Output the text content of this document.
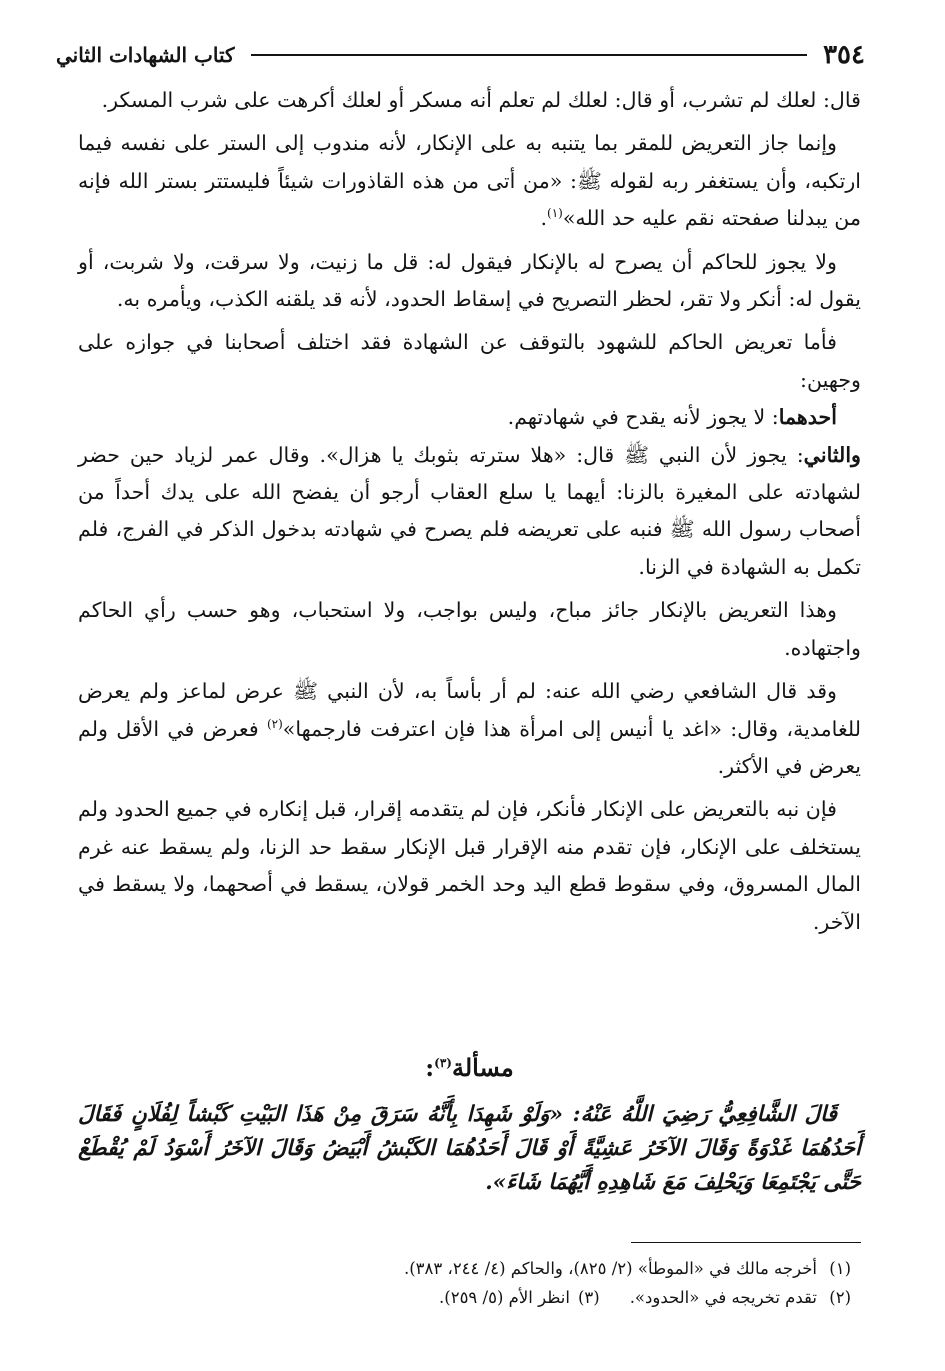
٣٥٤
كتاب الشهادات الثاني

قال: لعلك لم تشرب، أو قال: لعلك لم تعلم أنه مسكر أو لعلك أكرهت على شرب المسكر.

وإنما جاز التعريض للمقر بما يتنبه به على الإنكار، لأنه مندوب إلى الستر على نفسه فيما ارتكبه، وأن يستغفر ربه لقوله ﷺ: «من أتى من هذه القاذورات شيئاً فليستتر بستر الله فإنه من يبدلنا صفحته نقم عليه حد الله»$^{(١)}$.

ولا يجوز للحاكم أن يصرح له بالإنكار فيقول له: قل ما زنيت، ولا سرقت، ولا شربت، أو يقول له: أنكر ولا تقر، لحظر التصريح في إسقاط الحدود، لأنه قد يلقنه الكذب، ويأمره به.

فأما تعريض الحاكم للشهود بالتوقف عن الشهادة فقد اختلف أصحابنا في جوازه على وجهين:

أحدهما: لا يجوز لأنه يقدح في شهادتهم.

والثاني: يجوز لأن النبي ﷺ قال: «هلا سترته بثوبك يا هزال». وقال عمر لزياد حين حضر لشهادته على المغيرة بالزنا: أيهما يا سلع العقاب أرجو أن يفضح الله على يدك أحداً من أصحاب رسول الله ﷺ فنبه على تعريضه فلم يصرح في شهادته بدخول الذكر في الفرج، فلم تكمل به الشهادة في الزنا.

وهذا التعريض بالإنكار جائز مباح، وليس بواجب، ولا استحباب، وهو حسب رأي الحاكم واجتهاده.

وقد قال الشافعي رضي الله عنه: لم أر بأساً به، لأن النبي ﷺ عرض لماعز ولم يعرض للغامدية، وقال: «اغد يا أنيس إلى امرأة هذا فإن اعترفت فارجمها»$^{(٢)}$ فعرض في الأقل ولم يعرض في الأكثر.

فإن نبه بالتعريض على الإنكار فأنكر، فإن لم يتقدمه إقرار، قبل إنكاره في جميع الحدود ولم يستخلف على الإنكار، فإن تقدم منه الإقرار قبل الإنكار سقط حد الزنا، ولم يسقط عنه غرم المال المسروق، وفي سقوط قطع اليد وحد الخمر قولان، يسقط في أصحهما، ولا يسقط في الآخر.

مسألة$^{(٣)}$:

قَالَ الشَّافِعِيُّ رَضِيَ اللَّهُ عَنْهُ: «وَلَوْ شَهِدَا بِأَنَّهُ سَرَقَ مِنْ هَذَا البَيْتِ كَبْشاً لِفُلَانٍ فَقَالَ أَحَدُهُمَا غَدْوَةً وَقَالَ الآخَرُ عَشِيَّةً أَوْ قَالَ أَحَدُهُمَا الكَبْشُ أَبْيَضُ وَقَالَ الآخَرُ أَسْوَدُ لَمْ يُقْطَعْ حَتَّى يَجْتَمِعَا وَيَحْلِفَ مَعَ شَاهِدِهِ أَيَّهُمَا شَاءَ».

(١)
أخرجه مالك في «الموطأ» (٢/ ٨٢٥)، والحاكم (٤/ ٢٤٤، ٣٨٣).
(٢)
تقدم تخريجه في «الحدود».
(٣)
انظر الأم (٥/ ٢٥٩).
